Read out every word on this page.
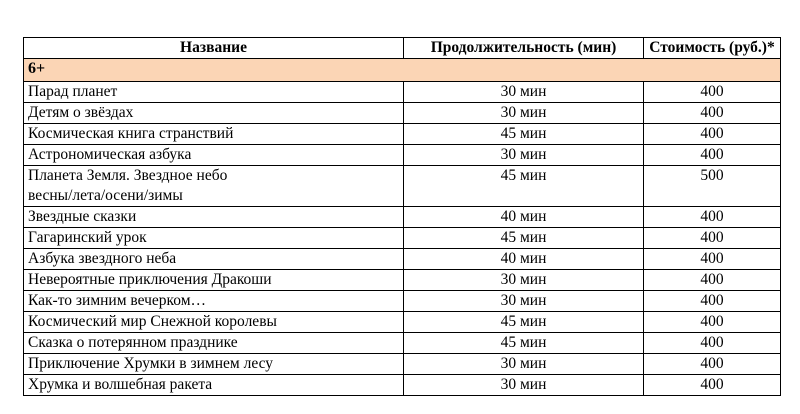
Название	Продолжительность (мин)	Стоимость (руб.)*
6+		
Парад планет	30 мин	400
Детям о звёздах	30 мин	400
Космическая книга странствий	45 мин	400
Астрономическая азбука	30 мин	400

Планета Земля. Звездное небо
весны/лета/осени/зимы	45 мин	500
Звездные сказки	40 мин	400
Гагаринский урок	45 мин	400
Азбука звездного неба	40 мин	400
Невероятные приключения Дракоши	30 мин	400
Как-то зимним вечерком…	30 мин	400
Космический мир Снежной королевы	45 мин	400
Сказка о потерянном празднике	45 мин	400
Приключение Хрумки в зимнем лесу	30 мин	400
Хрумка и волшебная ракета	30 мин	400
